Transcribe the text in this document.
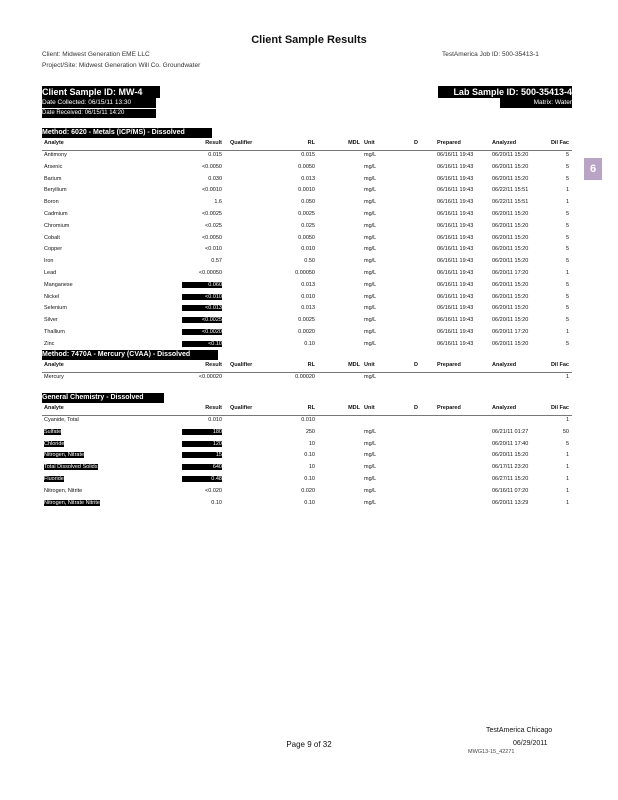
Client Sample Results
Client: Midwest Generation EME LLC
Project/Site: Midwest Generation Will Co. Groundwater
TestAmerica Job ID: 500-35413-1
Client Sample ID: MW-4	Lab Sample ID: 500-35413-4
Date Collected: 06/15/11 13:30	Matrix: Water
Date Received: 06/15/11 14:20
6
Method: 6020 - Metals (ICP/MS) - Dissolved
Analyte	Result Qualifier	RL	MDL Unit	D	Prepared	Analyzed	Dil Fac
Antimony	0.015	0.015	mg/L	06/16/11 19:43	06/20/11 15:20	5
Arsenic	<0.0050	0.0050	mg/L	06/16/11 19:43	06/20/11 15:20	5
Barium	0.030	0.013	mg/L	06/16/11 19:43	06/20/11 15:20	5
Beryllium	<0.0010	0.0010	mg/L	06/16/11 19:43	06/22/11 15:51	1
Boron	1.6	0.050	mg/L	06/16/11 19:43	06/22/11 15:51	1
Cadmium	<0.0025	0.0025	mg/L	06/16/11 19:43	06/20/11 15:20	5
Chromium	<0.025	0.025	mg/L	06/16/11 19:43	06/20/11 15:20	5
Cobalt	<0.0050	0.0050	mg/L	06/16/11 19:43	06/20/11 15:20	5
Copper	<0.010	0.010	mg/L	06/16/11 19:43	06/20/11 15:20	5
Iron	0.57	0.50	mg/L	06/16/11 19:43	06/20/11 15:20	5
Lead	<0.00050	0.00050	mg/L	06/16/11 19:43	06/20/11 17:20	1
Manganese	0.060	0.013	mg/L	06/16/11 19:43	06/20/11 15:20	5
Nickel	<0.010	0.010	mg/L	06/16/11 19:43	06/20/11 15:20	5
Selenium	<0.013	0.013	mg/L	06/16/11 19:43	06/20/11 15:20	5
Silver	<0.0025	0.0025	mg/L	06/16/11 19:43	06/20/11 15:20	5
Thallium	<0.0020	0.0020	mg/L	06/16/11 19:43	06/20/11 17:20	1
Zinc	<0.10	0.10	mg/L	06/16/11 19:43	06/20/11 15:20	5
Method: 7470A - Mercury (CVAA) - Dissolved
Analyte	Result Qualifier	RL	MDL Unit	D	Prepared	Analyzed	Dil Fac
Mercury	<0.00020	0.00020	mg/L	1
General Chemistry - Dissolved
Analyte	Result Qualifier	RL	MDL Unit	D	Prepared	Analyzed	Dil Fac
Cyanide, Total	0.010	0.010	1
Sulfate	180	250	mg/L	06/21/11 01:27	50
Chloride	120	10	mg/L	06/20/11 17:40	5
Nitrogen, Nitrate	15	0.10	mg/L	06/20/11 15:20	1
Total Dissolved Solids	640	10	mg/L	06/17/11 23:20	1
Fluoride	0.48	0.10	mg/L	06/27/11 15:20	1
Nitrogen, Nitrite	<0.020	0.020	mg/L	06/16/11 07:20	1
Nitrogen, Nitrate Nitrite	0.10	0.10	mg/L	06/20/11 13:29	1
TestAmerica Chicago
Page 9 of 32	06/29/2011
MWG13-15_42271
